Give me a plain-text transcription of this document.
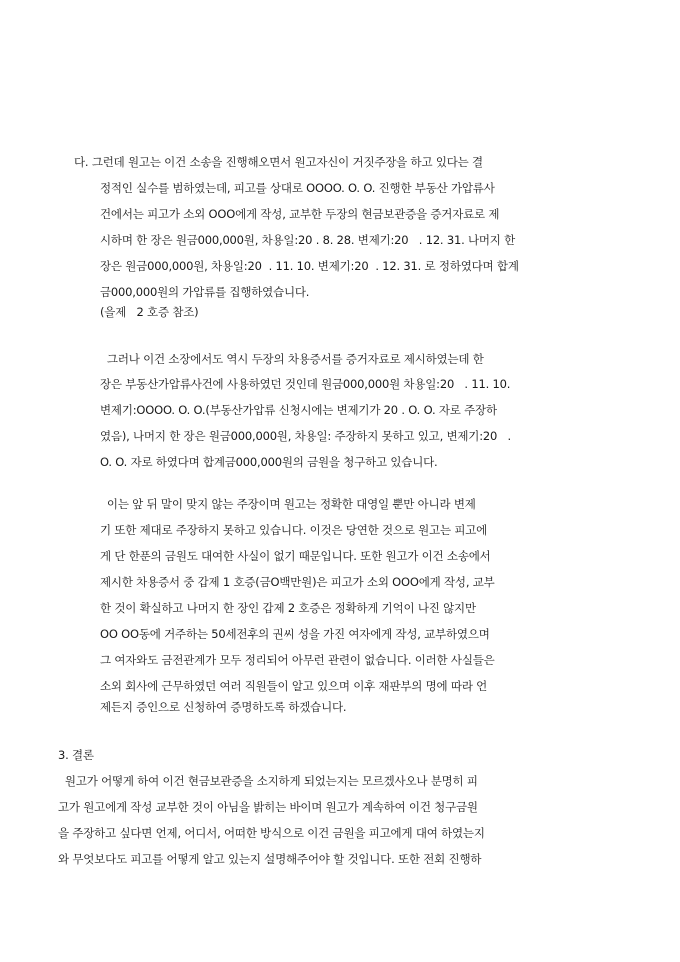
다. 그런데 원고는 이건 소송을 진행해오면서 원고자신이 거짓주장을 하고 있다는 결
정적인 실수를 범하였는데, 피고를 상대로 OOOO. O. O. 진행한 부동산 가압류사
건에서는 피고가 소외 OOO에게 작성, 교부한 두장의 현금보관증을 증거자료로 제
시하며 한 장은 원금000,000원, 차용일:20 . 8. 28. 변제기:20   . 12. 31. 나머지 한
장은 원금000,000원, 차용일:20  . 11. 10. 변제기:20  . 12. 31. 로 정하였다며 합계
금000,000원의 가압류를 집행하였습니다.
(을제   2 호증 참조)
그러나 이건 소장에서도 역시 두장의 차용증서를 증거자료로 제시하였는데 한
장은 부동산가압류사건에 사용하였던 것인데 원금000,000원 차용일:20   . 11. 10.
변제기:OOOO. O. O.(부동산가압류 신청시에는 변제기가 20 . O. O. 자로 주장하
였음), 나머지 한 장은 원금000,000원, 차용일: 주장하지 못하고 있고, 변제기:20   .
O. O. 자로 하였다며 합계금000,000원의 금원을 청구하고 있습니다.
이는 앞 뒤 말이 맞지 않는 주장이며 원고는 정확한 대영일 뿐만 아니라 변제
기 또한 제대로 주장하지 못하고 있습니다. 이것은 당연한 것으로 원고는 피고에
게 단 한푼의 금원도 대여한 사실이 없기 때문입니다. 또한 원고가 이건 소송에서
제시한 차용증서 중 갑제 1 호증(금O백만원)은 피고가 소외 OOO에게 작성, 교부
한 것이 확실하고 나머지 한 장인 갑제 2 호증은 정확하게 기억이 나진 않지만
OO OO동에 거주하는 50세전후의 권씨 성을 가진 여자에게 작성, 교부하였으며
그 여자와도 금전관계가 모두 정리되어 아무런 관련이 없습니다. 이러한 사실들은
소외 회사에 근무하였던 여러 직원들이 알고 있으며 이후 재판부의 명에 따라 언
제든지 증인으로 신청하여 증명하도록 하겠습니다.
3. 결론
원고가 어떻게 하여 이건 현금보관증을 소지하게 되었는지는 모르겠사오나 분명히 피
고가 원고에게 작성 교부한 것이 아님을 밝히는 바이며 원고가 계속하여 이건 청구금원
을 주장하고 싶다면 언제, 어디서, 어떠한 방식으로 이건 금원을 피고에게 대여 하였는지
와 무엇보다도 피고를 어떻게 알고 있는지 설명해주어야 할 것입니다. 또한 전회 진행하
